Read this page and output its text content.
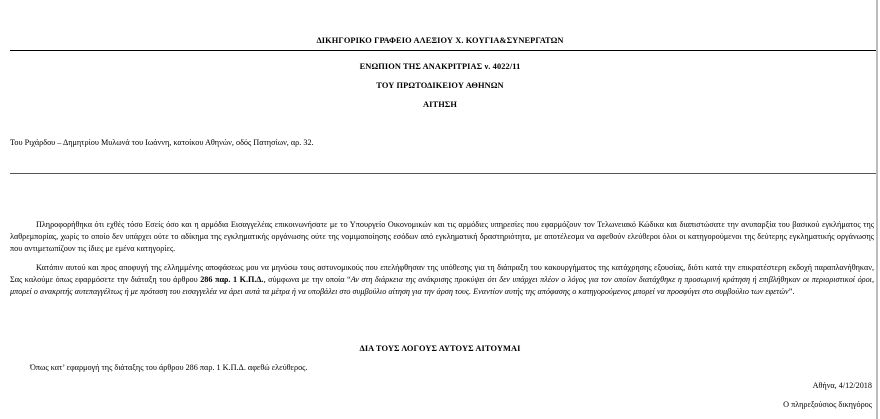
ΔΙΚΗΓΟΡΙΚΟ ΓΡΑΦΕΙΟ ΑΛΕΞΙΟΥ Χ. ΚΟΥΓΙΑ&ΣΥΝΕΡΓΑΤΩΝ
ΕΝΩΠΙΟΝ ΤΗΣ ΑΝΑΚΡΙΤΡΙΑΣ ν. 4022/11
ΤΟΥ ΠΡΩΤΟΔΙΚΕΙΟΥ ΑΘΗΝΩΝ
ΑΙΤΗΣΗ
Του Ριχάρδου – Δημητρίου Μυλωνά του Ιωάννη, κατοίκου Αθηνών, οδός Πατησίων, αρ. 32.
Πληροφορήθηκα ότι εχθές τόσο Εσείς όσο και η αρμόδια Εισαγγελέας επικοινωνήσατε με το Υπουργείο Οικονομικών και τις αρμόδιες υπηρεσίες που εφαρμόζουν τον Τελωνειακό Κώδικα και διαπιστώσατε την ανυπαρξία του βασικού εγκλήματος της λαθρεμπορίας, χωρίς το οποίο δεν υπάρχει ούτε το αδίκημα της εγκληματικής οργάνωσης ούτε της νομιμοποίησης εσόδων από εγκληματική δραστηριότητα, με αποτέλεσμα να αφεθούν ελεύθεροι όλοι οι κατηγορούμενοι της δεύτερης εγκληματικής οργάνωσης που αντιμετωπίζουν τις ίδιες με εμένα κατηγορίες.
Κατόπιν αυτού και προς αποφυγή της ελλημμένης αποφάσεως μου να μηνύσω τους αστυνομικούς που επελήφθησαν της υπόθεσης για τη διάπραξη του κακουργήματος της κατάχρησης εξουσίας, διότι κατά την επικρατέστερη εκδοχή παραπλανήθηκαν, Σας καλούμε όπως εφαρμόσετε την διάταξη του άρθρου 286 παρ. 1 Κ.Π.Δ., σύμφωνα με την οποία “Αν στη διάρκεια της ανάκρισης προκύψει ότι δεν υπάρχει πλέον ο λόγος για τον οποίον διατάχθηκε η προσωρινή κράτηση ή επιβλήθηκαν οι περιοριστικοί όροι, μπορεί ο ανακριτής αυτεπαγγέλτως ή με πρόταση του εισαγγελέα να άρει αυτά τα μέτρα ή να υποβάλει στο συμβούλιο αίτηση για την άρση τους. Εναντίον αυτής της απόφασης ο κατηγορούμενος μπορεί να προσφύγει στο συμβούλιο των εφετών”.
ΔΙΑ ΤΟΥΣ ΛΟΓΟΥΣ ΑΥΤΟΥΣ ΑΙΤΟΥΜΑΙ
Όπως κατ’ εφαρμογή της διάταξης του άρθρου 286 παρ. 1 Κ.Π.Δ. αφεθώ ελεύθερος.
Αθήνα, 4/12/2018
Ο πληρεξούσιος δικηγόρος
